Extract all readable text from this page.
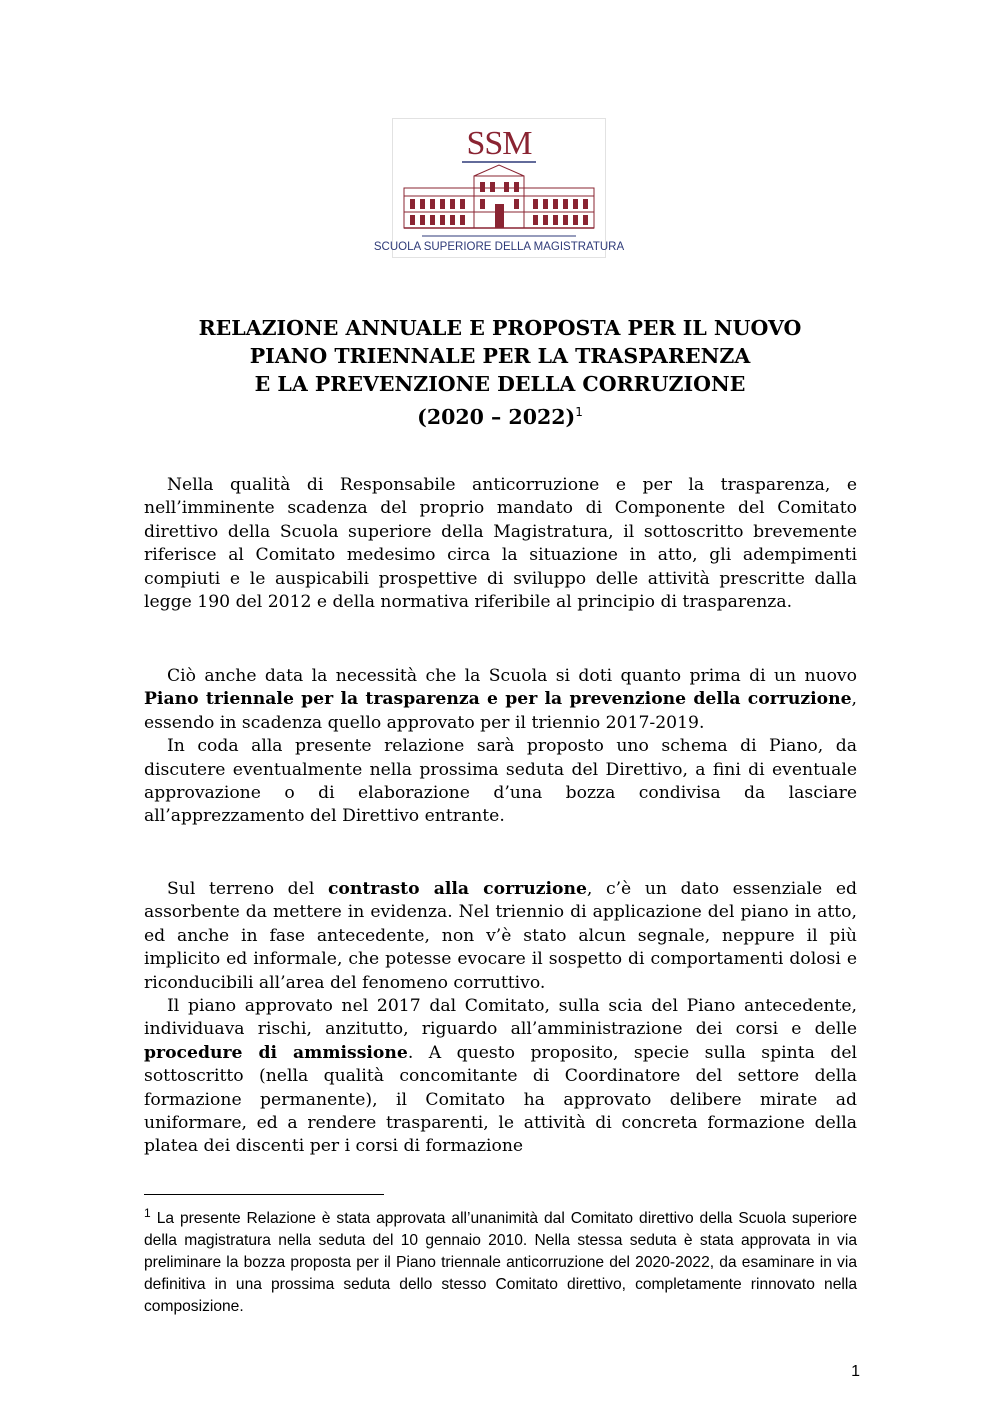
SSM
SCUOLA SUPERIORE DELLA MAGISTRATURA
RELAZIONE ANNUALE E PROPOSTA PER IL NUOVO
PIANO TRIENNALE PER LA TRASPARENZA
E LA PREVENZIONE DELLA CORRUZIONE
(2020 – 2022)$^1$

Nella qualità di Responsabile anticorruzione e per la trasparenza, e nell’imminente scadenza del proprio mandato di Componente del Comitato direttivo della Scuola superiore della Magistratura, il sottoscritto brevemente riferisce al Comitato medesimo circa la situazione in atto, gli adempimenti compiuti e le auspicabili prospettive di sviluppo delle attività prescritte dalla legge 190 del 2012 e della normativa riferibile al principio di trasparenza.

Ciò anche data la necessità che la Scuola si doti quanto prima di un nuovo Piano triennale per la trasparenza e per la prevenzione della corruzione, essendo in scadenza quello approvato per il triennio 2017-2019.

In coda alla presente relazione sarà proposto uno schema di Piano, da discutere eventualmente nella prossima seduta del Direttivo, a fini di eventuale approvazione o di elaborazione d’una bozza condivisa da lasciare all’apprezzamento del Direttivo entrante.

Sul terreno del contrasto alla corruzione, c’è un dato essenziale ed assorbente da mettere in evidenza. Nel triennio di applicazione del piano in atto, ed anche in fase antecedente, non v’è stato alcun segnale, neppure il più implicito ed informale, che potesse evocare il sospetto di comportamenti dolosi e riconducibili all’area del fenomeno corruttivo.

Il piano approvato nel 2017 dal Comitato, sulla scia del Piano antecedente, individuava rischi, anzitutto, riguardo all’amministrazione dei corsi e delle procedure di ammissione. A questo proposito, specie sulla spinta del sottoscritto (nella qualità concomitante di Coordinatore del settore della formazione permanente), il Comitato ha approvato delibere mirate ad uniformare, ed a rendere trasparenti, le attività di concreta formazione della platea dei discenti per i corsi di formazione

$^1$ La presente Relazione è stata approvata all’unanimità dal Comitato direttivo della Scuola superiore della magistratura nella seduta del 10 gennaio 2010. Nella stessa seduta è stata approvata in via preliminare la bozza proposta per il Piano triennale anticorruzione del 2020-2022, da esaminare in via definitiva in una prossima seduta dello stesso Comitato direttivo, completamente rinnovato nella composizione.
1
